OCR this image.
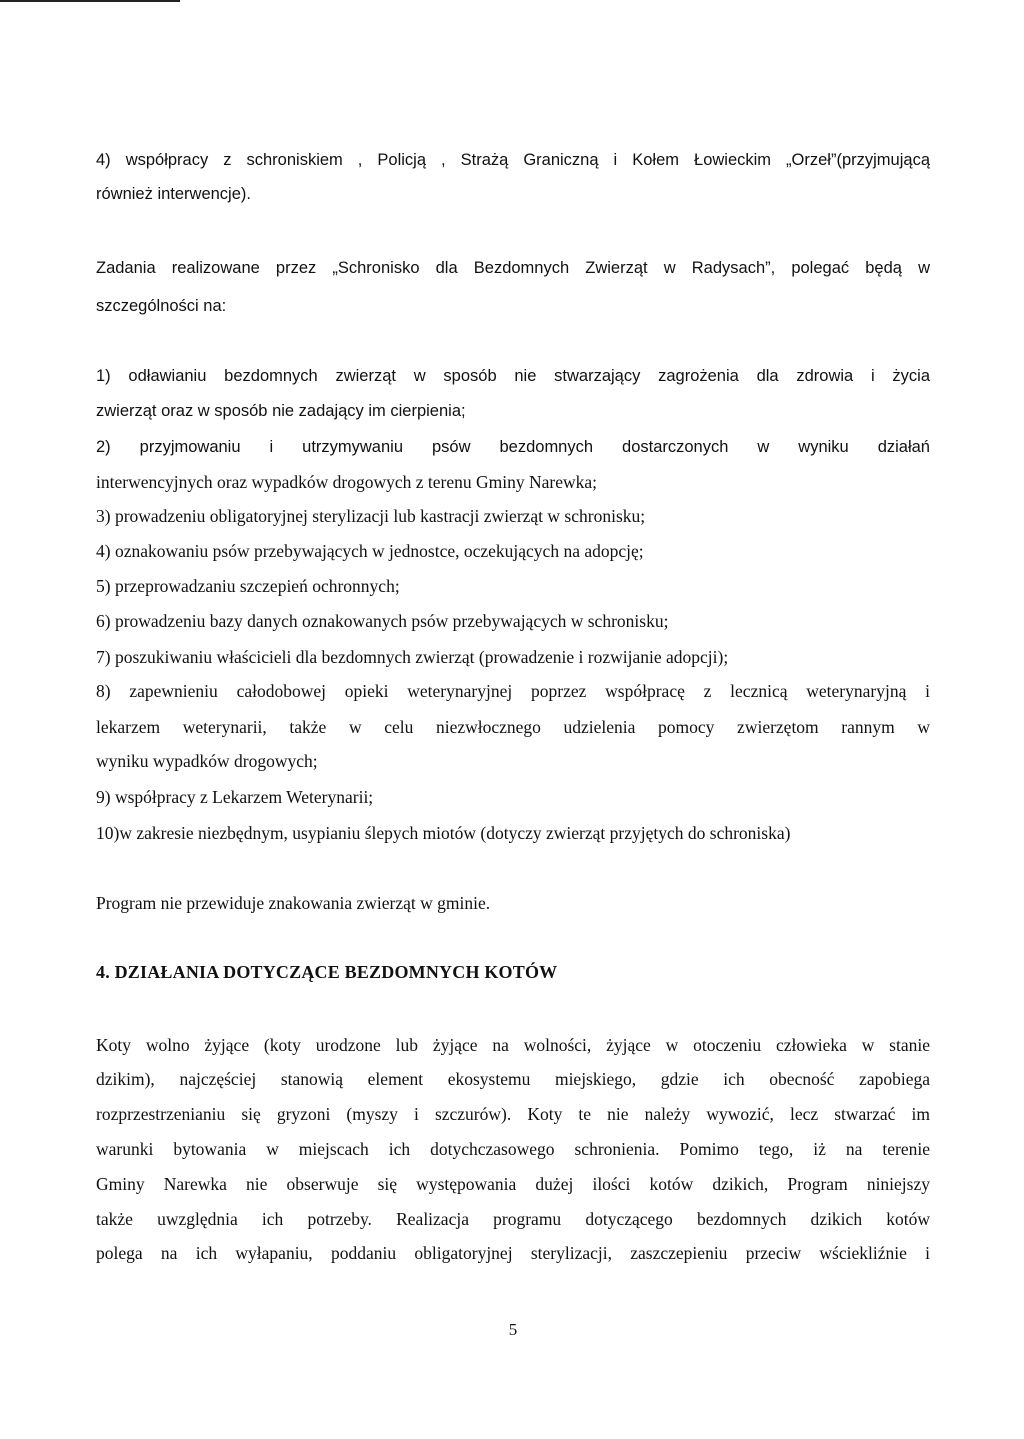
4) współpracy z schroniskiem , Policją , Strażą Graniczną i Kołem Łowieckim „Orzeł”(przyjmującą

również interwencje).

Zadania realizowane przez „Schronisko dla Bezdomnych Zwierząt w Radysach”, polegać będą w

szczególności na:

1) odławianiu bezdomnych zwierząt w sposób nie stwarzający zagrożenia dla zdrowia i życia

zwierząt oraz w sposób nie zadający im cierpienia;

2) przyjmowaniu i utrzymywaniu psów bezdomnych dostarczonych w wyniku działań

interwencyjnych oraz wypadków drogowych z terenu Gminy Narewka;

3) prowadzeniu obligatoryjnej sterylizacji lub kastracji zwierząt w schronisku;

4) oznakowaniu psów przebywających w jednostce, oczekujących na adopcję;

5) przeprowadzaniu szczepień ochronnych;

6) prowadzeniu bazy danych oznakowanych psów przebywających w schronisku;

7) poszukiwaniu właścicieli dla bezdomnych zwierząt (prowadzenie i rozwijanie adopcji);

8) zapewnieniu całodobowej opieki weterynaryjnej poprzez współpracę z lecznicą weterynaryjną i

lekarzem weterynarii, także w celu niezwłocznego udzielenia pomocy zwierzętom rannym w

wyniku wypadków drogowych;

9) współpracy z Lekarzem Weterynarii;

10)w zakresie niezbędnym, usypianiu ślepych miotów (dotyczy zwierząt przyjętych do schroniska)

Program nie przewiduje znakowania zwierząt w gminie.

4. DZIAŁANIA DOTYCZĄCE BEZDOMNYCH KOTÓW

Koty wolno żyjące (koty urodzone lub żyjące na wolności, żyjące w otoczeniu człowieka w stanie

dzikim), najczęściej stanowią element ekosystemu miejskiego, gdzie ich obecność zapobiega

rozprzestrzenianiu się gryzoni (myszy i szczurów). Koty te nie należy wywozić, lecz stwarzać im

warunki bytowania w miejscach ich dotychczasowego schronienia. Pomimo tego, iż na terenie

Gminy Narewka nie obserwuje się występowania dużej ilości kotów dzikich, Program niniejszy

także uwzględnia ich potrzeby. Realizacja programu dotyczącego bezdomnych dzikich kotów

polega na ich wyłapaniu, poddaniu obligatoryjnej sterylizacji, zaszczepieniu przeciw wściekliźnie i

5
